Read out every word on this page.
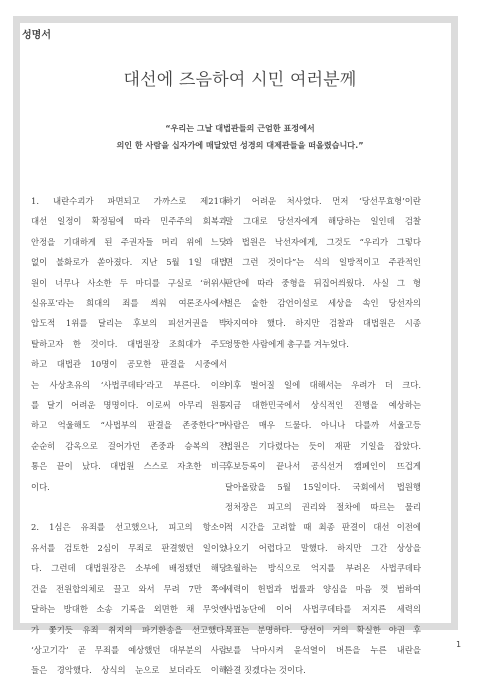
성명서
대선에 즈음하여 시민 여러분께
“우리는 그날 대법관들의 근엄한 표정에서
의인 한 사람을 십자가에 매달았던 성경의 대제관들을 떠올렸습니다.”
1. 내란수괴가 파면되고 가까스로 제21대
대선 일정이 확정됨에 따라 민주주의 회복과
안정을 기대하게 된 주권자들 머리 위에 느닷
없이 불화로가 쏟아졌다. 지난 5월 1일 대법
원이 너무나 사소한 두 마디를 구실로 ‘허위사
실유포’라는 희대의 죄를 씌워 여론조사에서
압도적 1위를 달리는 후보의 피선거권을 박
탈하고자 한 것이다. 대법원장 조희대가 주도
하고 대법관 10명이 공모한 판결을 시중에서
는 사상초유의 ‘사법쿠데타’라고 부른다. 이의
를 달기 어려운 명명이다. 이로써 아무리 원통
하고 억울해도 “사법부의 판결을 존중한다”며
순순히 감옥으로 걸어가던 존중과 승복의 전
통은 끝이 났다. 대법원 스스로 자초한 비극
이다.
2. 1심은 유죄를 선고했으나, 피고의 항소이
유서를 검토한 2심이 무죄로 판결했던 일이었
다. 그런데 대법원장은 소부에 배정됐던 해당
건을 전원합의체로 끌고 와서 무려 7만 쪽에
달하는 방대한 소송 기록을 외면한 채 무엇엔
가 쫓기듯 유죄 취지의 파기환송을 선고했다.
‘상고기각’ 곧 무죄를 예상했던 대부분의 사람
들은 경악했다. 상식의 눈으로 보더라도 이해
하기 어려운 처사였다. 먼저 ‘당선무효형’이란
말 그대로 당선자에게 해당하는 일인데 검찰
과 법원은 낙선자에게, 그것도 “우리가 그렇다
면 그런 것이다”는 식의 일방적이고 주관적인
판단에 따라 중형을 뒤집어씌웠다. 사실 그 형
벌은 숱한 감언이설로 세상을 속인 당선자의
차지여야 했다. 하지만 검찰과 대법원은 시종
엉뚱한 사람에게 총구를 겨누었다.
이후 벌어질 일에 대해서는 우려가 더 크다.
지금 대한민국에서 상식적인 진행을 예상하는
사람은 매우 드물다. 아니나 다를까 서울고등
법원은 기다렸다는 듯이 재판 기일을 잡았다.
후보등록이 끝나서 공식선거 캠페인이 뜨겁게
달아올랐을 5월 15일이다. 국회에서 법원행
정처장은 피고의 권리와 절차에 따르는 물리
적 시간을 고려할 때 최종 판결이 대선 이전에
나오기 어렵다고 말했다. 하지만 그간 상상을
초월하는 방식으로 억지를 부려온 사법쿠데타
세력이 헌법과 법률과 양심을 마음 껏 범하여
사법농단에 이어 사법쿠데타를 저지른 세력의
목표는 분명하다. 당선이 거의 확실한 야권 후
보를 낙마시켜 윤석열이 버튼을 누른 내란을
완결 짓겠다는 것이다.
1
